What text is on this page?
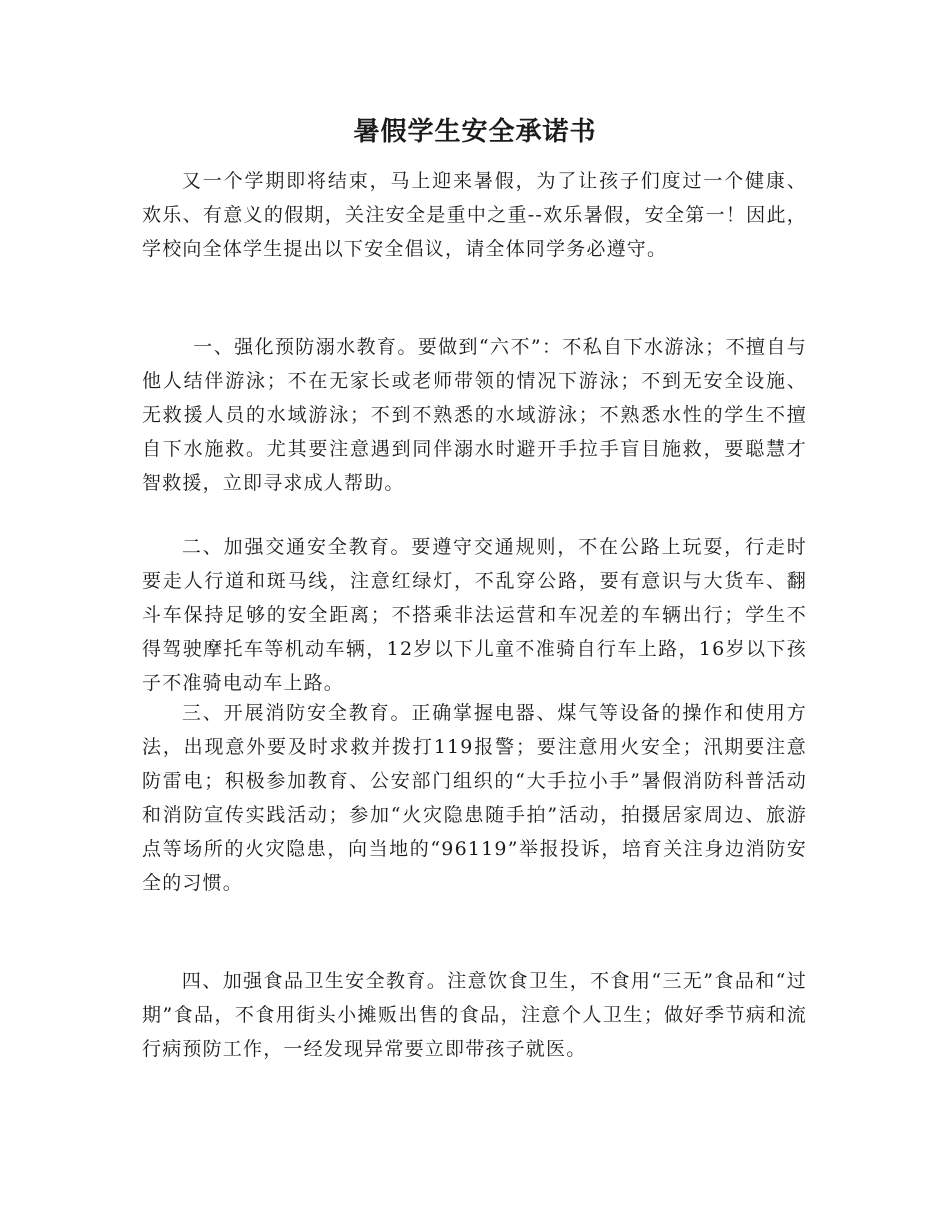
暑假学生安全承诺书

又一个学期即将结束，马上迎来暑假，为了让孩子们度过一个健康、欢乐、有意义的假期，关注安全是重中之重--欢乐暑假，安全第一！因此，学校向全体学生提出以下安全倡议，请全体同学务必遵守。

一、强化预防溺水教育。要做到“六不”：不私自下水游泳；不擅自与他人结伴游泳；不在无家长或老师带领的情况下游泳；不到无安全设施、无救援人员的水域游泳；不到不熟悉的水域游泳；不熟悉水性的学生不擅自下水施救。尤其要注意遇到同伴溺水时避开手拉手盲目施救，要聪慧才智救援，立即寻求成人帮助。

二、加强交通安全教育。要遵守交通规则，不在公路上玩耍，行走时要走人行道和斑马线，注意红绿灯，不乱穿公路，要有意识与大货车、翻斗车保持足够的安全距离；不搭乘非法运营和车况差的车辆出行；学生不得驾驶摩托车等机动车辆，12岁以下儿童不准骑自行车上路，16岁以下孩子不准骑电动车上路。

三、开展消防安全教育。正确掌握电器、煤气等设备的操作和使用方法，出现意外要及时求救并拨打119报警；要注意用火安全；汛期要注意防雷电；积极参加教育、公安部门组织的“大手拉小手”暑假消防科普活动和消防宣传实践活动；参加“火灾隐患随手拍”活动，拍摄居家周边、旅游点等场所的火灾隐患，向当地的“96119”举报投诉，培育关注身边消防安全的习惯。

四、加强食品卫生安全教育。注意饮食卫生，不食用“三无”食品和“过期”食品，不食用街头小摊贩出售的食品，注意个人卫生；做好季节病和流行病预防工作，一经发现异常要立即带孩子就医。
